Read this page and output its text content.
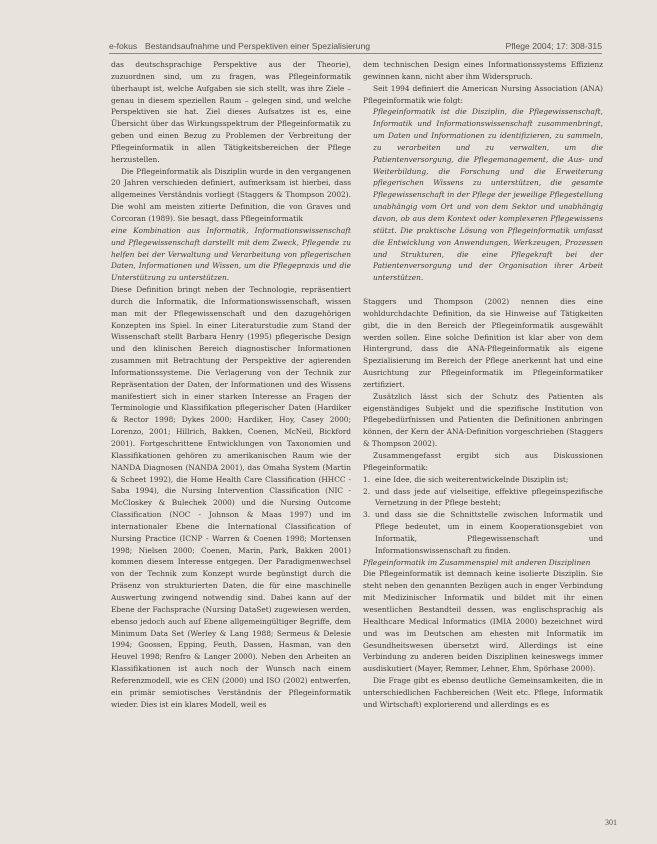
e-fokus Bestandsaufnahme und Perspektiven einer Spezialisierung	Pflege 2004; 17: 308-315

das deutschsprachige Perspektive aus der Theorie), zuzuordnen sind, um zu fragen, was Pflegeinformatik überhaupt ist, welche Aufgaben sie sich stellt, was ihre Ziele – genau in diesem speziellen Raum – gelegen sind, und welche Perspektiven sie hat. Ziel dieses Aufsatzes ist es, eine Übersicht über das Wirkungsspektrum der Pflegeinformatik zu geben und einen Bezug zu Problemen der Verbreitung der Pflegeinformatik in allen Tätigkeitsbereichen der Pflege herzustellen.

Die Pflegeinformatik als Disziplin wurde in den vergangenen 20 Jahren verschieden definiert, aufmerksam ist hierbei, dass allgemeines Verständnis vorliegt (Staggers & Thompson 2002). Die wohl am meisten zitierte Definition, die von Graves und Corcoran (1989). Sie besagt, dass Pflegeinformatik

eine Kombination aus Informatik, Informationswissenschaft und Pflegewissenschaft darstellt mit dem Zweck, Pflegende zu helfen bei der Verwaltung und Verarbeitung von pflegerischen Daten, Informationen und Wissen, um die Pflegepraxis und die Unterstützung zu unterstützen.

Diese Definition bringt neben der Technologie, repräsentiert durch die Informatik, die Informationswissenschaft, wissen man mit der Pflegewissenschaft und den dazugehörigen Konzepten ins Spiel. In einer Literaturstudie zum Stand der Wissenschaft stellt Barbara Henry (1995) pflegerische Design und den klinischen Bereich diagnostischer Informationen zusammen mit Betrachtung der Perspektive der agierenden Informationssysteme. Die Verlagerung von der Technik zur Repräsentation der Daten, der Informationen und des Wissens manifestiert sich in einer starken Interesse an Fragen der Terminologie und Klassifikation pflegerischer Daten (Hardiker & Rector 1998; Dykes 2000; Hardiker, Hoy, Casey 2000; Lorenzo, 2001; Hillrich, Bakken, Coenen, McNeil, Bickford 2001). Fortgeschrittene Entwicklungen von Taxonomien und Klassifikationen gehören zu amerikanischen Raum wie der NANDA Diagnosen (NANDA 2001), das Omaha System (Martin & Scheet 1992), die Home Health Care Classification (HHCC - Saba 1994), die Nursing Intervention Classification (NIC - McCloskey & Bulechek 2000) und die Nursing Outcome Classification (NOC - Johnson & Maas 1997) und im internationaler Ebene die International Classification of Nursing Practice (ICNP - Warren & Coenen 1998; Mortensen 1998; Nielsen 2000; Coenen, Marin, Park, Bakken 2001) kommen diesem Interesse entgegen. Der Paradigmenwechsel von der Technik zum Konzept wurde begünstigt durch die Präsenz von strukturierten Daten, die für eine maschinelle Auswertung zwingend notwendig sind. Dabei kann auf der Ebene der Fachsprache (Nursing DataSet) zugewiesen werden, ebenso jedoch auch auf Ebene allgemeingültiger Begriffe, dem Minimum Data Set (Werley & Lang 1988; Sermeus & Delesie 1994; Goossen, Epping, Feuth, Dassen, Hasman, van den Heuvel 1998; Renfro & Langer 2000). Neben den Arbeiten an Klassifikationen ist auch noch der Wunsch nach einem Referenzmodell, wie es CEN (2000) und ISO (2002) entwerfen, ein primär semiotisches Verständnis der Pflegeinformatik wieder. Dies ist ein klares Modell, weil es

dem technischen Design eines Informationssystems Effizienz gewinnen kann, nicht aber ihm Widerspruch.

Seit 1994 definiert die American Nursing Association (ANA) Pflegeinformatik wie folgt:

Pflegeinformatik ist die Disziplin, die Pflegewissenschaft, Informatik und Informationswissenschaft zusammenbringt, um Daten und Informationen zu identifizieren, zu sammeln, zu verarbeiten und zu verwalten, um die Patientenversorgung, die Pflegemanagement, die Aus- und Weiterbildung, die Forschung und die Erweiterung pflegerischen Wissens zu unterstützen, die gesamte Pflegewissenschaft in der Pflege der jeweilige Pflegestellung unabhängig vom Ort und von dem Sektor und unabhängig davon, ob aus dem Kontext oder komplexeren Pflegewissens stützt. Die praktische Lösung von Pflegeinformatik umfasst die Entwicklung von Anwendungen, Werkzeugen, Prozessen und Strukturen, die eine Pflegekraft bei der Patientenversorgung und der Organisation ihrer Arbeit unterstützen.

Staggers und Thompson (2002) nennen dies eine wohldurchdachte Definition, da sie Hinweise auf Tätigkeiten gibt, die in den Bereich der Pflegeinformatik ausgewählt werden sollen. Eine solche Definition ist klar aber von dem Hintergrund, dass die ANA-Pflegeinformatik als eigene Spezialisierung im Bereich der Pflege anerkennt hat und eine Ausrichtung zur Pflegeinformatik im Pflegeinformatiker zertifiziert.

Zusätzlich lässt sich der Schutz des Patienten als eigenständiges Subjekt und die spezifische Institution von Pflegebedürfnissen und Patienten die Definitionen anbringen können, der Kern der ANA-Definition vorgeschrieben (Staggers & Thompson 2002).

Zusammengefasst ergibt sich aus Diskussionen Pflegeinformatik:

1. eine Idee, die sich weiterentwickelnde Disziplin ist;
2. und dass jede auf vielseitige, effektive pflegeinspezifische Vernetzung in der Pflege besteht;
3. und dass sie die Schnittstelle zwischen Informatik und Pflege bedeutet, um in einem Kooperationsgebiet von Informatik, Pflegewissenschaft und Informationswissenschaft zu finden.

Pflegeinformatik im Zusammenspiel mit anderen Disziplinen

Die Pflegeinformatik ist demnach keine isolierte Disziplin. Sie steht neben den genannten Bezügen auch in enger Verbindung mit Medizinischer Informatik und bildet mit ihr einen wesentlichen Bestandteil dessen, was englischsprachig als Healthcare Medical Informatics (IMIA 2000) bezeichnet wird und was im Deutschen am ehesten mit Informatik im Gesundheitswesen übersetzt wird. Allerdings ist eine Verbindung zu anderen beiden Disziplinen keineswegs immer ausdiskutiert (Mayer, Remmer, Lehner, Ehm, Spörhase 2000).

Die Frage gibt es ebenso deutliche Gemeinsamkeiten, die in unterschiedlichen Fachbereichen (Weit etc. Pflege, Informatik und Wirtschaft) explorierend und allerdings es es

301
